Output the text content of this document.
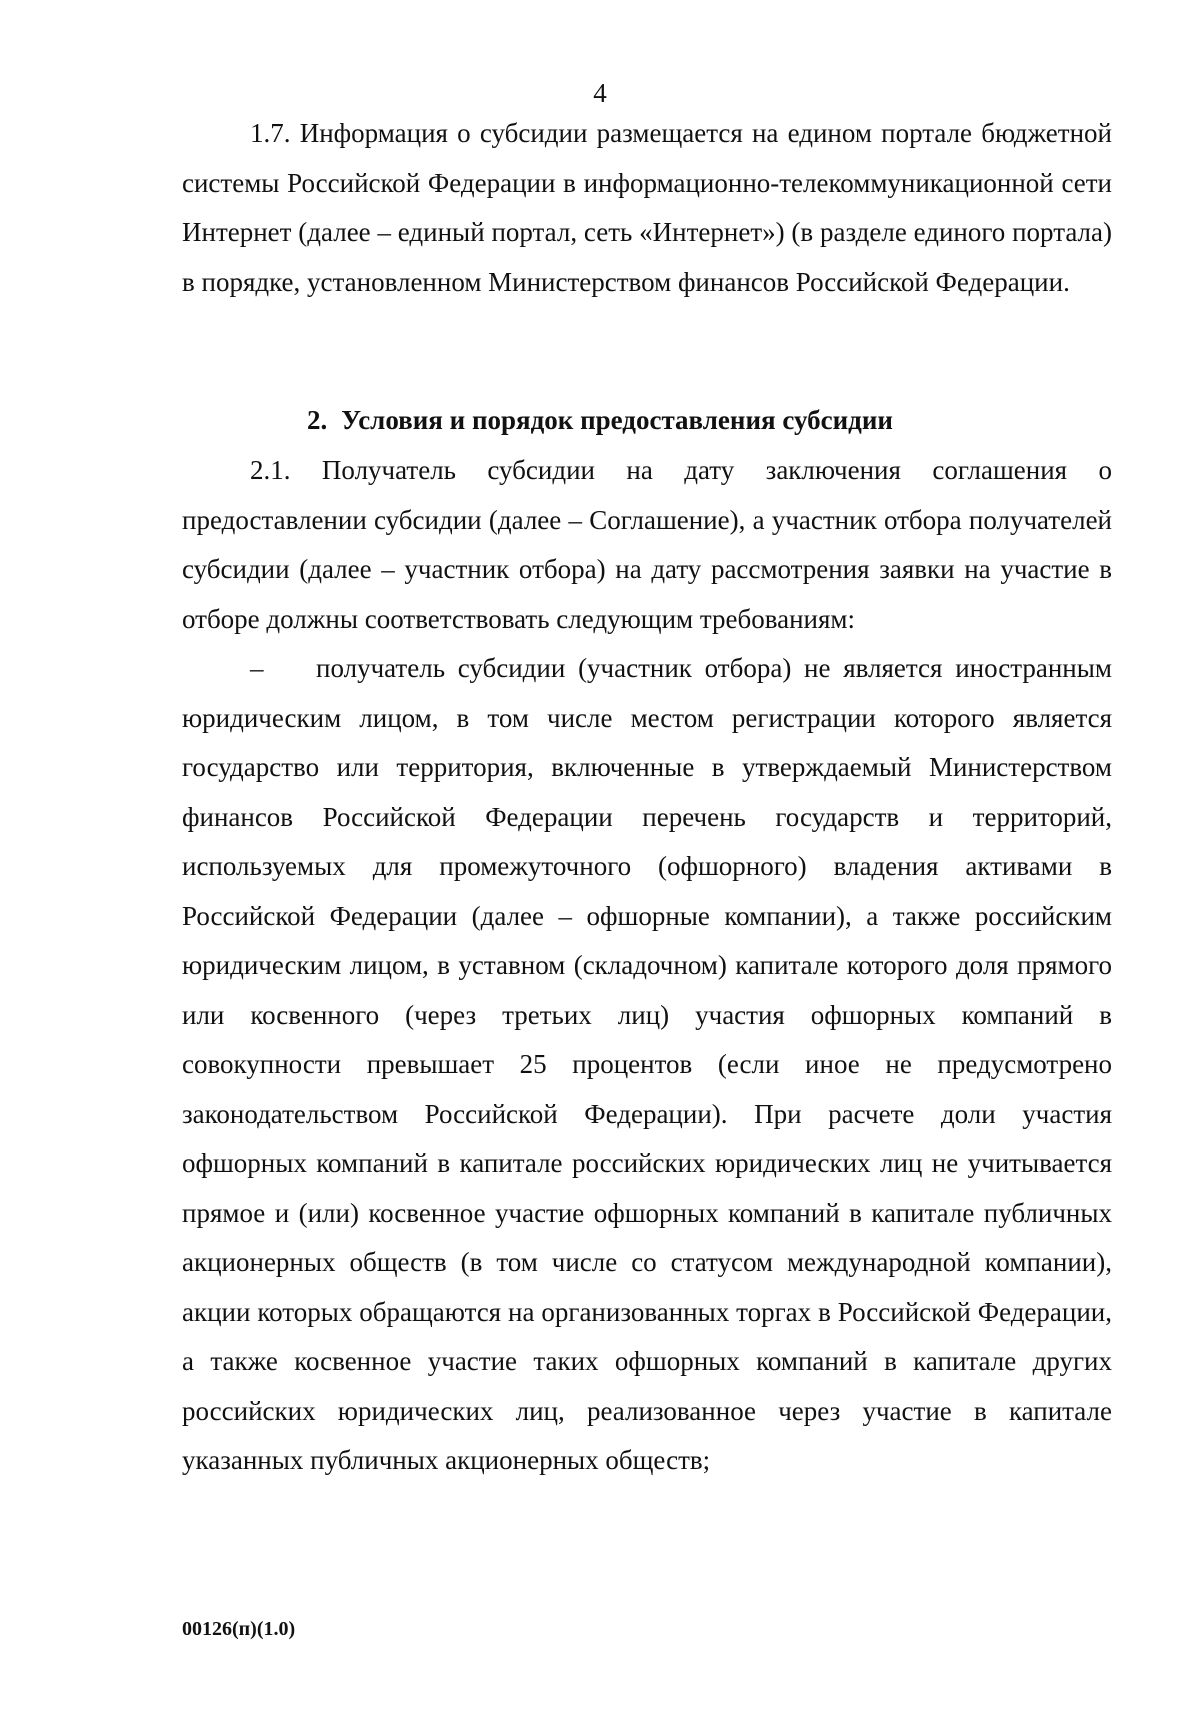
4

1.7. Информация о субсидии размещается на едином портале бюджетной системы Российской Федерации в информационно-телекоммуникационной сети Интернет (далее – единый портал, сеть «Интернет») (в разделе единого портала) в порядке, установленном Министерством финансов Российской Федерации.

2. Условия и порядок предоставления субсидии

2.1. Получатель субсидии на дату заключения соглашения о предоставлении субсидии (далее – Соглашение), а участник отбора получателей субсидии (далее – участник отбора) на дату рассмотрения заявки на участие в отборе должны соответствовать следующим требованиям:

– получатель субсидии (участник отбора) не является иностранным юридическим лицом, в том числе местом регистрации которого является государство или территория, включенные в утверждаемый Министерством финансов Российской Федерации перечень государств и территорий, используемых для промежуточного (офшорного) владения активами в Российской Федерации (далее – офшорные компании), а также российским юридическим лицом, в уставном (складочном) капитале которого доля прямого или косвенного (через третьих лиц) участия офшорных компаний в совокупности превышает 25 процентов (если иное не предусмотрено законодательством Российской Федерации). При расчете доли участия офшорных компаний в капитале российских юридических лиц не учитывается прямое и (или) косвенное участие офшорных компаний в капитале публичных акционерных обществ (в том числе со статусом международной компании), акции которых обращаются на организованных торгах в Российской Федерации, а также косвенное участие таких офшорных компаний в капитале других российских юридических лиц, реализованное через участие в капитале указанных публичных акционерных обществ;

00126(п)(1.0)
